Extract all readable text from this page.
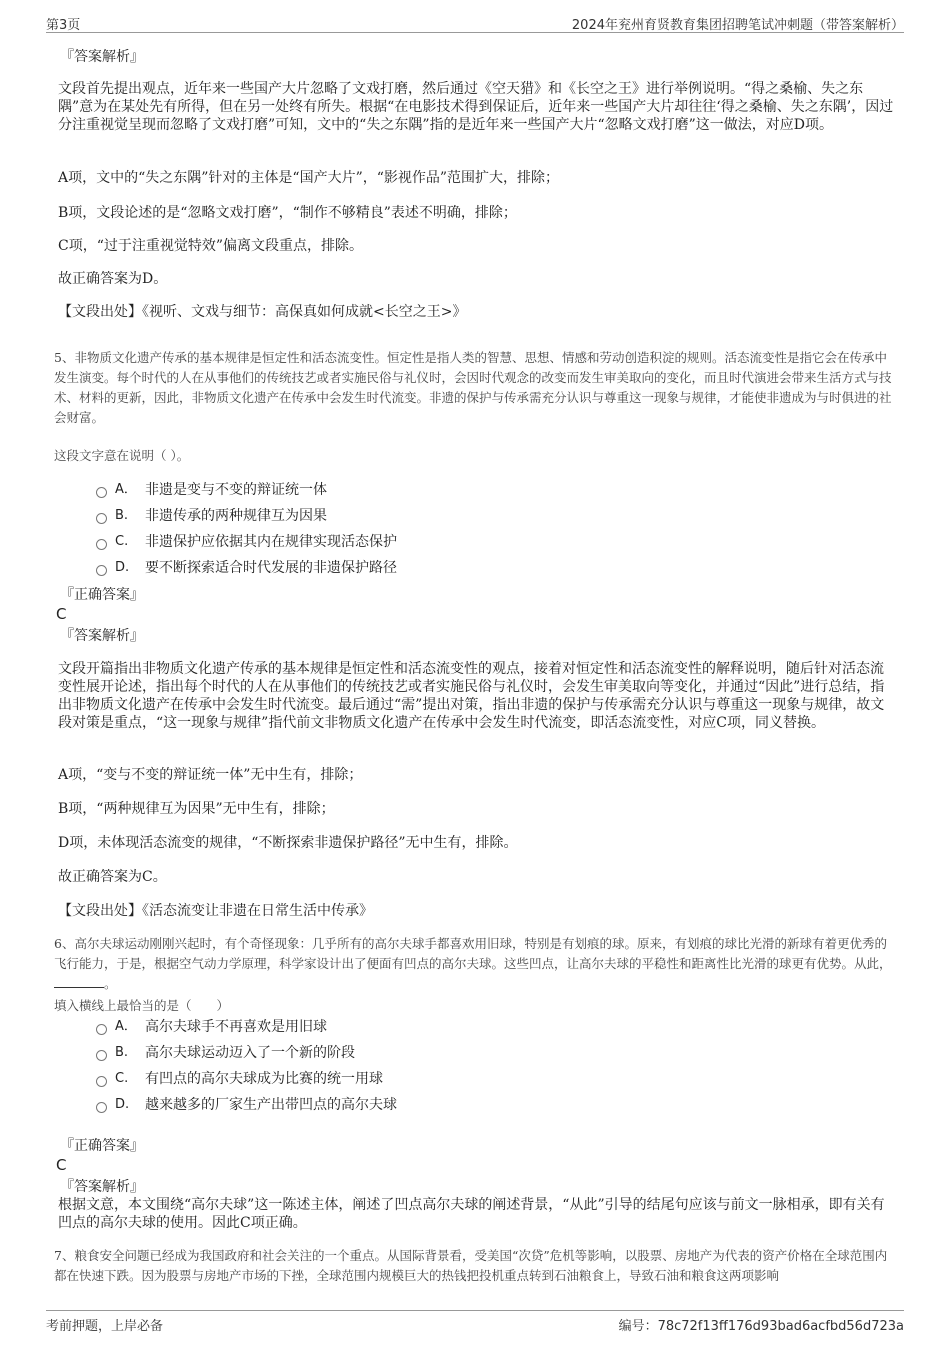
第3页	2024年兖州育贤教育集团招聘笔试冲刺题（带答案解析）
『答案解析』
文段首先提出观点，近年来一些国产大片忽略了文戏打磨，然后通过《空天猎》和《长空之王》进行举例说明。“得之桑榆、失之东隅”意为在某处先有所得，但在另一处终有所失。根据“在电影技术得到保证后，近年来一些国产大片却往往‘得之桑榆、失之东隅’，因过分注重视觉呈现而忽略了文戏打磨”可知，文中的“失之东隅”指的是近年来一些国产大片“忽略文戏打磨”这一做法，对应D项。
A项，文中的“失之东隅”针对的主体是“国产大片”，“影视作品”范围扩大，排除；
B项，文段论述的是“忽略文戏打磨”，“制作不够精良”表述不明确，排除；
C项，“过于注重视觉特效”偏离文段重点，排除。
故正确答案为D。
【文段出处】《视听、文戏与细节：高保真如何成就<长空之王>》
5、非物质文化遗产传承的基本规律是恒定性和活态流变性。恒定性是指人类的智慧、思想、情感和劳动创造积淀的规则。活态流变性是指它会在传承中发生演变。每个时代的人在从事他们的传统技艺或者实施民俗与礼仪时，会因时代观念的改变而发生审美取向的变化，而且时代演进会带来生活方式与技术、材料的更新，因此，非物质文化遗产在传承中会发生时代流变。非遗的保护与传承需充分认识与尊重这一现象与规律，才能使非遗成为与时俱进的社会财富。
这段文字意在说明（ ）。
A． 非遗是变与不变的辩证统一体
B.	非遗传承的两种规律互为因果
C.	非遗保护应依据其内在规律实现活态保护
D.	要不断探索适合时代发展的非遗保护路径
『正确答案』
C
『答案解析』
文段开篇指出非物质文化遗产传承的基本规律是恒定性和活态流变性的观点，接着对恒定性和活态流变性的解释说明，随后针对活态流变性展开论述，指出每个时代的人在从事他们的传统技艺或者实施民俗与礼仪时，会发生审美取向等变化，并通过“因此”进行总结，指出非物质文化遗产在传承中会发生时代流变。最后通过“需”提出对策，指出非遗的保护与传承需充分认识与尊重这一现象与规律，故文段对策是重点，“这一现象与规律”指代前文非物质文化遗产在传承中会发生时代流变，即活态流变性，对应C项，同义替换。
A项，“变与不变的辩证统一体”无中生有，排除；
B项，“两种规律互为因果”无中生有，排除；
D项，未体现活态流变的规律，“不断探索非遗保护路径”无中生有，排除。
故正确答案为C。
【文段出处】《活态流变让非遗在日常生活中传承》
6、高尔夫球运动刚刚兴起时，有个奇怪现象：几乎所有的高尔夫球手都喜欢用旧球，特别是有划痕的球。原来，有划痕的球比光滑的新球有着更优秀的飞行能力，于是，根据空气动力学原理，科学家设计出了便面有凹点的高尔夫球。这些凹点，让高尔夫球的平稳性和距离性比光滑的球更有优势。从此，。
填入横线上最恰当的是（　　）
A． 高尔夫球手不再喜欢是用旧球
B.	高尔夫球运动迈入了一个新的阶段
C.	有凹点的高尔夫球成为比赛的统一用球
D.	越来越多的厂家生产出带凹点的高尔夫球
『正确答案』
C
『答案解析』
根据文意，本文围绕“高尔夫球”这一陈述主体，阐述了凹点高尔夫球的阐述背景，“从此”引导的结尾句应该与前文一脉相承，即有关有凹点的高尔夫球的使用。因此C项正确。
7、粮食安全问题已经成为我国政府和社会关注的一个重点。从国际背景看，受美国“次贷”危机等影响，以股票、房地产为代表的资产价格在全球范围内都在快速下跌。因为股票与房地产市场的下挫，全球范围内规模巨大的热钱把投机重点转到石油粮食上，导致石油和粮食这两项影响
考前押题，上岸必备	编号：78c72f13ff176d93bad6acfbd56d723a
